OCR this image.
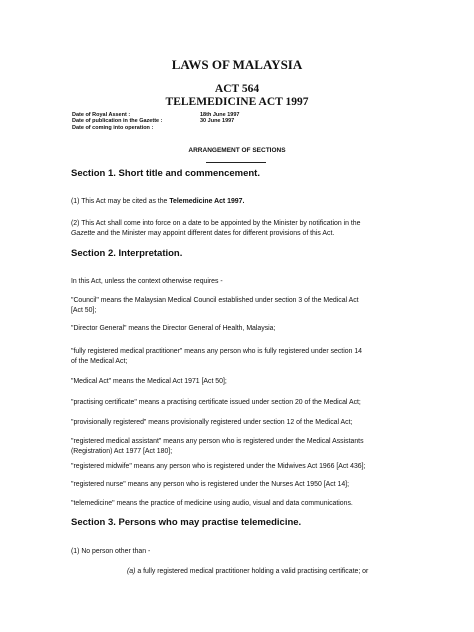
LAWS OF MALAYSIA
ACT 564
TELEMEDICINE ACT 1997
Date of Royal Assent :	18th June 1997
Date of publication in the Gazette :	30 June 1997
Date of coming into operation :
ARRANGEMENT OF SECTIONS
Section 1. Short title and commencement.
(1) This Act may be cited as the Telemedicine Act 1997.
(2) This Act shall come into force on a date to be appointed by the Minister by notification in the
Gazette and the Minister may appoint different dates for different provisions of this Act.
Section 2. Interpretation.
In this Act, unless the context otherwise requires -
"Council" means the Malaysian Medical Council established under section 3 of the Medical Act
[Act 50];
"Director General" means the Director General of Health, Malaysia;
"fully registered medical practitioner" means any person who is fully registered under section 14
of the Medical Act;
"Medical Act" means the Medical Act 1971 [Act 50];
"practising certificate" means a practising certificate issued under section 20 of the Medical Act;
"provisionally registered" means provisionally registered under section 12 of the Medical Act;
"registered medical assistant" means any person who is registered under the Medical Assistants
(Registration) Act 1977 [Act 180];
"registered midwife" means any person who is registered under the Midwives Act 1966 [Act 436];
"registered nurse" means any person who is registered under the Nurses Act 1950 [Act 14];
"telemedicine" means the practice of medicine using audio, visual and data communications.
Section 3. Persons who may practise telemedicine.
(1) No person other than -
(a) a fully registered medical practitioner holding a valid practising certificate; or
